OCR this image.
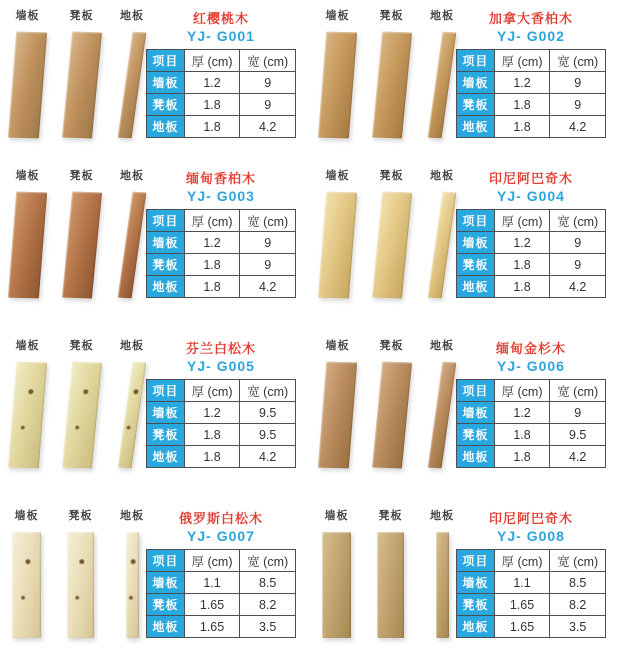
墙板	凳板 地板	红樱桃木
YJ- G001
项目	厚 (cm)	宽 (cm)
墙板	1.2	9
凳板	1.8	9
地板	1.8	4.2
墙板	凳板 地板	加拿大香柏木
YJ- G002
项目	厚 (cm)	宽 (cm)
墙板	1.2	9
凳板	1.8	9
地板	1.8	4.2
墙板	凳板 地板	缅甸香柏木
YJ- G003
项目	厚 (cm)	宽 (cm)
墙板	1.2	9
凳板	1.8	9
地板	1.8	4.2
墙板	凳板 地板	印尼阿巴奇木
YJ- G004
项目	厚 (cm)	宽 (cm)
墙板	1.2	9
凳板	1.8	9
地板	1.8	4.2
墙板	凳板 地板	芬兰白松木
YJ- G005
项目	厚 (cm)	宽 (cm)
墙板	1.2	9.5
凳板	1.8	9.5
地板	1.8	4.2
墙板	凳板 地板	缅甸金杉木
YJ- G006
项目	厚 (cm)	宽 (cm)
墙板	1.2	9
凳板	1.8	9.5
地板	1.8	4.2
墙板	凳板	地板	俄罗斯白松木
YJ- G007
项目	厚 (cm)	宽 (cm)
墙板	1.1	8.5
凳板	1.65	8.2
地板	1.65	3.5
墙板	凳板	地板	印尼阿巴奇木
YJ- G008
项目	厚 (cm)	宽 (cm)
墙板	1.1	8.5
凳板	1.65	8.2
地板	1.65	3.5
